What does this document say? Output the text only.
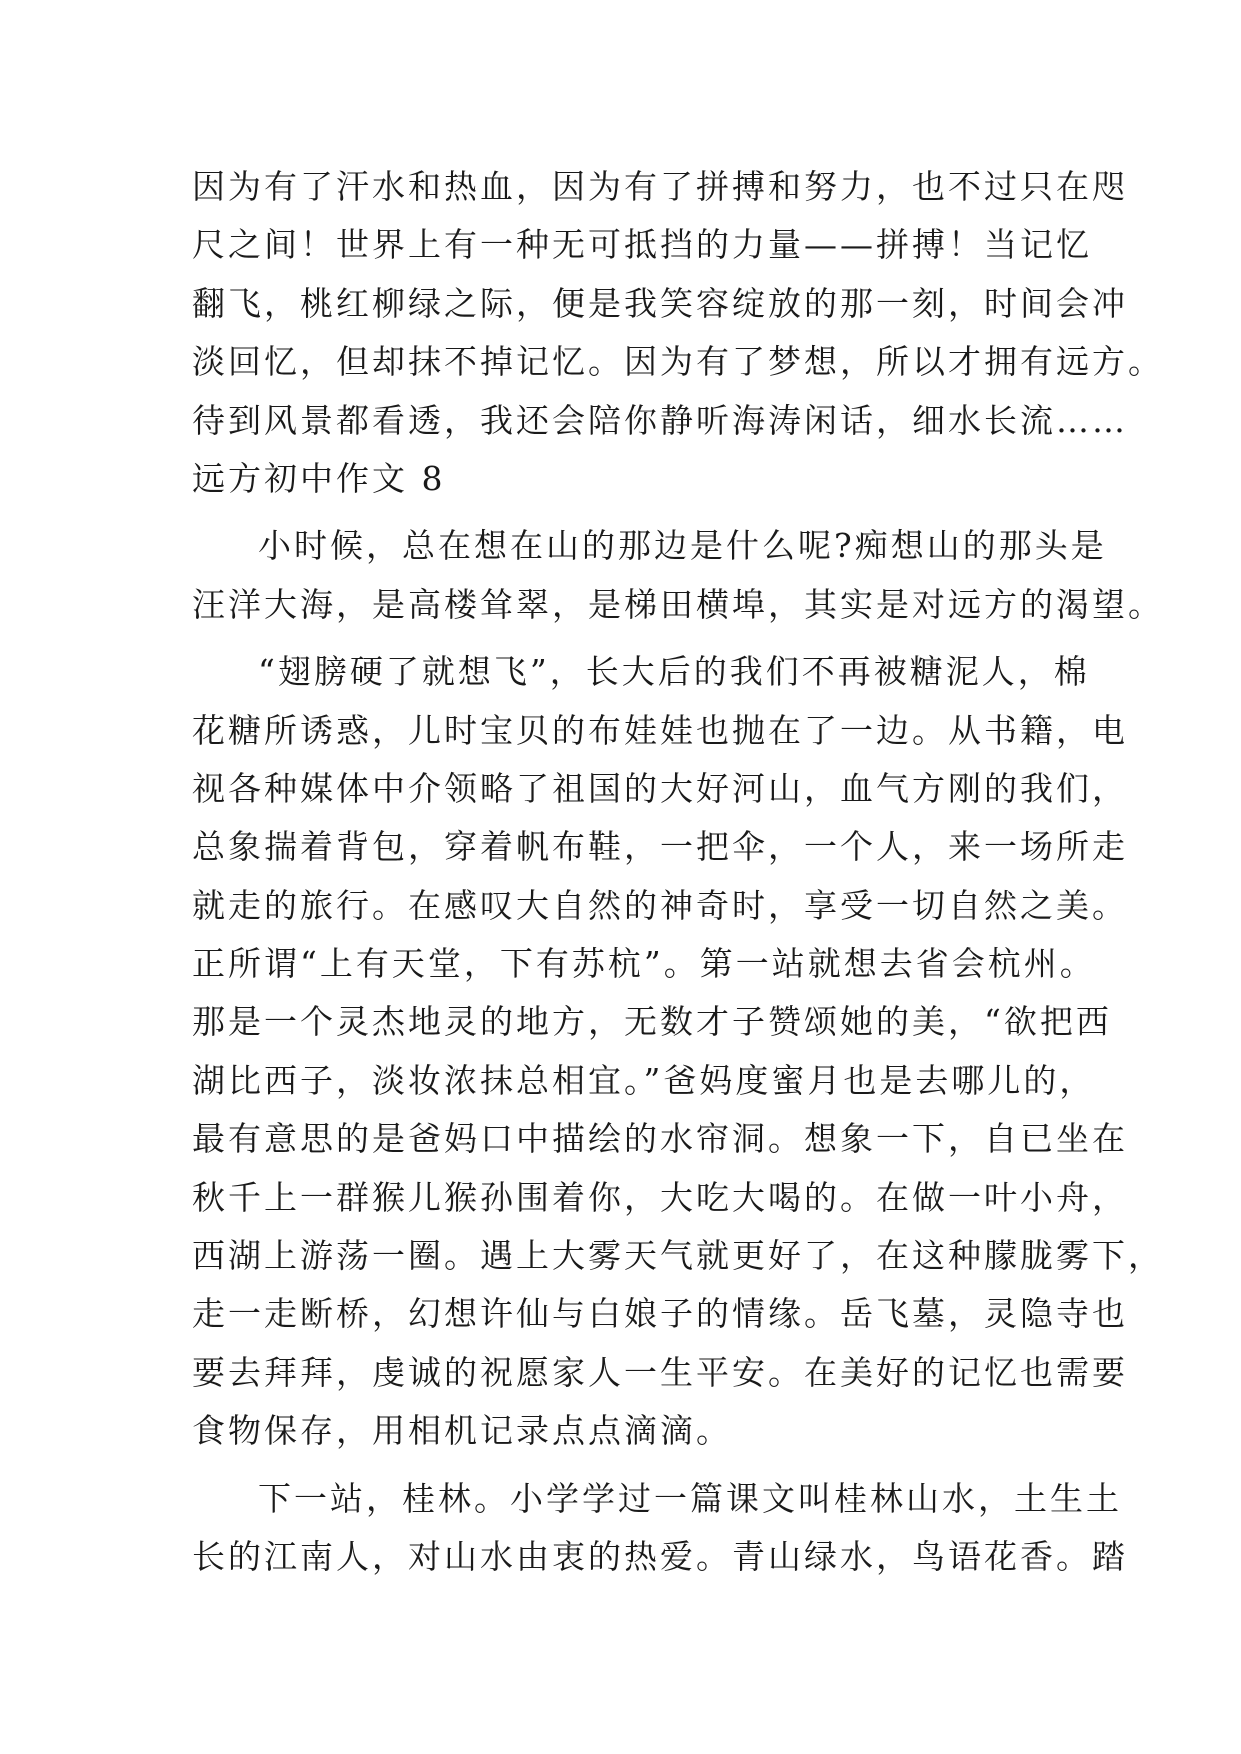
因为有了汗水和热血，因为有了拼搏和努力，也不过只在咫
尺之间！世界上有一种无可抵挡的力量——拼搏！当记忆
翻飞，桃红柳绿之际，便是我笑容绽放的那一刻，时间会冲
淡回忆，但却抹不掉记忆。因为有了梦想，所以才拥有远方。
待到风景都看透，我还会陪你静听海涛闲话，细水长流……
远方初中作文 8
小时候，总在想在山的那边是什么呢?痴想山的那头是
汪洋大海，是高楼耸翠，是梯田横埠，其实是对远方的渴望。
“翅膀硬了就想飞”，长大后的我们不再被糖泥人，棉
花糖所诱惑，儿时宝贝的布娃娃也抛在了一边。从书籍，电
视各种媒体中介领略了祖国的大好河山，血气方刚的我们，
总象揣着背包，穿着帆布鞋，一把伞，一个人，来一场所走
就走的旅行。在感叹大自然的神奇时，享受一切自然之美。
正所谓“上有天堂，下有苏杭”。第一站就想去省会杭州。
那是一个灵杰地灵的地方，无数才子赞颂她的美，“欲把西
湖比西子，淡妆浓抹总相宜。”爸妈度蜜月也是去哪儿的，
最有意思的是爸妈口中描绘的水帘洞。想象一下，自已坐在
秋千上一群猴儿猴孙围着你，大吃大喝的。在做一叶小舟，
西湖上游荡一圈。遇上大雾天气就更好了，在这种朦胧雾下，
走一走断桥，幻想许仙与白娘子的情缘。岳飞墓，灵隐寺也
要去拜拜，虔诚的祝愿家人一生平安。在美好的记忆也需要
食物保存，用相机记录点点滴滴。
下一站，桂林。小学学过一篇课文叫桂林山水，土生土
长的江南人，对山水由衷的热爱。青山绿水，鸟语花香。踏
